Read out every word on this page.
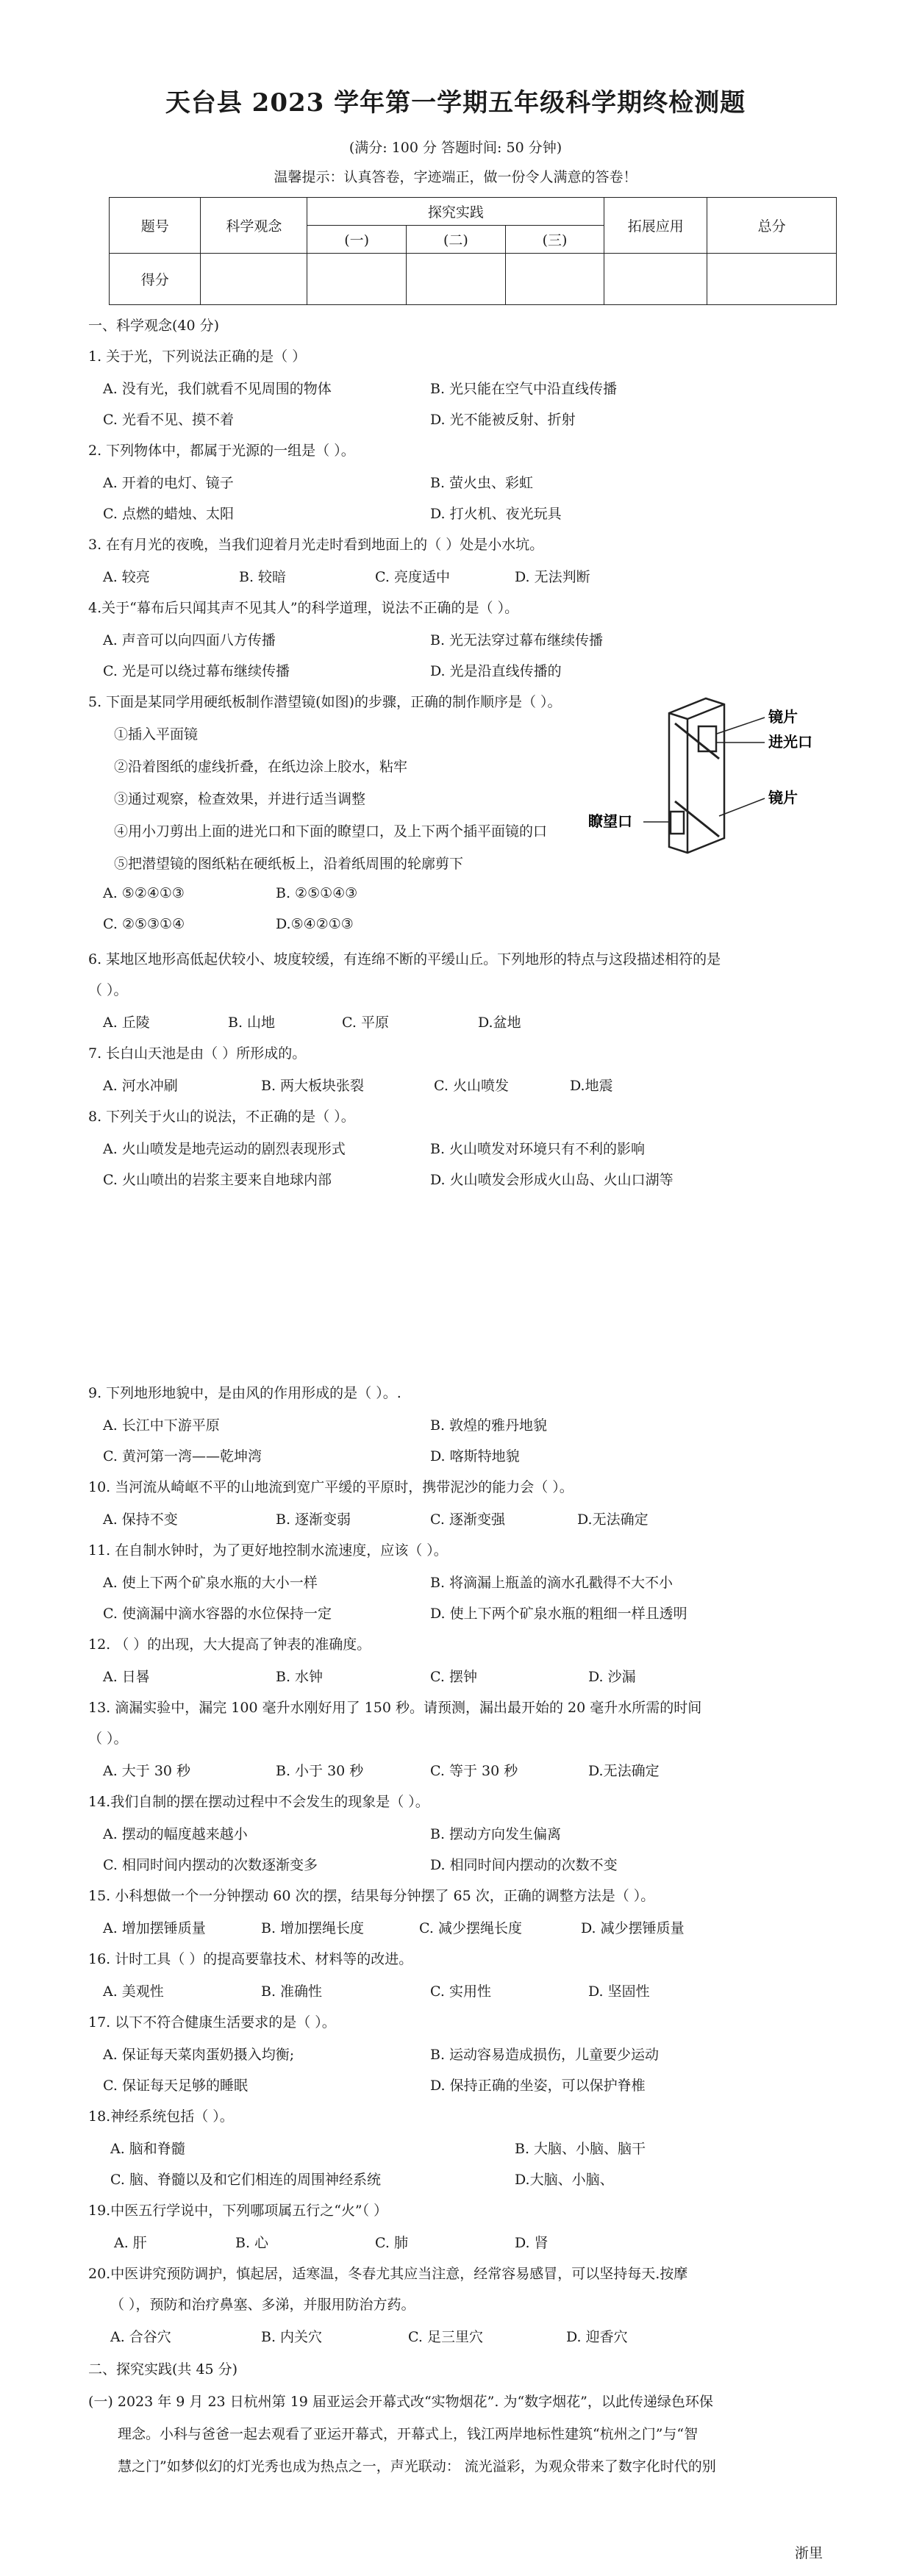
天台县 2023 学年第一学期五年级科学期终检测题
(满分: 100 分 答题时间: 50 分钟)
温馨提示：认真答卷，字迹端正，做一份令人满意的答卷！
题号	科学观念	探究实践			拓展应用	总分
		(一)	(二)	(三)		
得分						
一、科学观念(40 分)
1. 关于光，下列说法正确的是（ ）
A. 没有光，我们就看不见周围的物体	B. 光只能在空气中沿直线传播
C. 光看不见、摸不着	D. 光不能被反射、折射
2. 下列物体中，都属于光源的一组是（ ）。
A. 开着的电灯、镜子	B. 萤火虫、彩虹
C. 点燃的蜡烛、太阳	D. 打火机、夜光玩具
3. 在有月光的夜晚，当我们迎着月光走时看到地面上的（ ）处是小水坑。
A. 较亮	B. 较暗	C. 亮度适中	D. 无法判断
4.关于“幕布后只闻其声不见其人”的科学道理，说法不正确的是（ ）。
A. 声音可以向四面八方传播	B. 光无法穿过幕布继续传播
C. 光是可以绕过幕布继续传播	D. 光是沿直线传播的
5. 下面是某同学用硬纸板制作潜望镜(如图)的步骤，正确的制作顺序是（ ）。
①插入平面镜
②沿着图纸的虚线折叠，在纸边涂上胶水，粘牢
③通过观察，检查效果，并进行适当调整
④用小刀剪出上面的进光口和下面的瞭望口，及上下两个插平面镜的口
⑤把潜望镜的图纸粘在硬纸板上，沿着纸周围的轮廓剪下
A. ⑤②④①③	B. ②⑤①④③
C. ②⑤③①④	D.⑤④②①③
镜片
进光口
瞭望口
镜片
6. 某地区地形高低起伏较小、坡度较缓，有连绵不断的平缓山丘。下列地形的特点与这段描述相符的是
（ ）。
A. 丘陵	B. 山地	C. 平原	D.盆地
7. 长白山天池是由（ ）所形成的。
A. 河水冲刷	B. 两大板块张裂	C. 火山喷发	D.地震
8. 下列关于火山的说法，不正确的是（ ）。
A. 火山喷发是地壳运动的剧烈表现形式	B. 火山喷发对环境只有不利的影响
C. 火山喷出的岩浆主要来自地球内部	D. 火山喷发会形成火山岛、火山口湖等
9. 下列地形地貌中，是由风的作用形成的是（ ）。.
A. 长江中下游平原	B. 敦煌的雅丹地貌
C. 黄河第一湾——乾坤湾	D. 喀斯特地貌
10. 当河流从崎岖不平的山地流到宽广平缓的平原时，携带泥沙的能力会（ ）。
A. 保持不变	B. 逐渐变弱	C. 逐渐变强	D.无法确定
11. 在自制水钟时，为了更好地控制水流速度，应该（ ）。
A. 使上下两个矿泉水瓶的大小一样	B. 将滴漏上瓶盖的滴水孔戳得不大不小
C. 使滴漏中滴水容器的水位保持一定	D. 使上下两个矿泉水瓶的粗细一样且透明
12. （ ）的出现，大大提高了钟表的准确度。
A. 日晷	B. 水钟	C. 摆钟	D. 沙漏
13. 滴漏实验中，漏完 100 毫升水刚好用了 150 秒。请预测，漏出最开始的 20 毫升水所需的时间
（ ）。
A. 大于 30 秒	B. 小于 30 秒	C. 等于 30 秒	D.无法确定
14.我们自制的摆在摆动过程中不会发生的现象是（ ）。
A. 摆动的幅度越来越小	B. 摆动方向发生偏离
C. 相同时间内摆动的次数逐渐变多	D. 相同时间内摆动的次数不变
15. 小科想做一个一分钟摆动 60 次的摆，结果每分钟摆了 65 次，正确的调整方法是（ ）。
A. 增加摆锤质量	B. 增加摆绳长度	C. 减少摆绳长度	D. 减少摆锤质量
16. 计时工具（ ）的提高要靠技术、材料等的改进。
A. 美观性	B. 准确性	C. 实用性	D. 坚固性
17. 以下不符合健康生活要求的是（ ）。
A. 保证每天菜肉蛋奶摄入均衡;	B. 运动容易造成损伤，儿童要少运动
C. 保证每天足够的睡眠	D. 保持正确的坐姿，可以保护脊椎
18.神经系统包括（ ）。
A. 脑和脊髓	B. 大脑、小脑、脑干
C. 脑、脊髓以及和它们相连的周围神经系统	D.大脑、小脑、
19.中医五行学说中，下列哪项属五行之“火”（ ）
A. 肝	B. 心	C. 肺	D. 肾
20.中医讲究预防调护，慎起居，适寒温，冬春尤其应当注意，经常容易感冒，可以坚持每天.按摩
（ ），预防和治疗鼻塞、多涕，并服用防治方药。
A. 合谷穴	B. 内关穴	C. 足三里穴	D. 迎香穴
二、探究实践(共 45 分)
(一) 2023 年 9 月 23 日杭州第 19 届亚运会开幕式改“实物烟花”. 为“数字烟花”，以此传递绿色环保
理念。小科与爸爸一起去观看了亚运开幕式，开幕式上，钱江两岸地标性建筑“杭州之门”与“智
慧之门”如梦似幻的灯光秀也成为热点之一，声光联动： 流光溢彩，为观众带来了数字化时代的别
浙里
